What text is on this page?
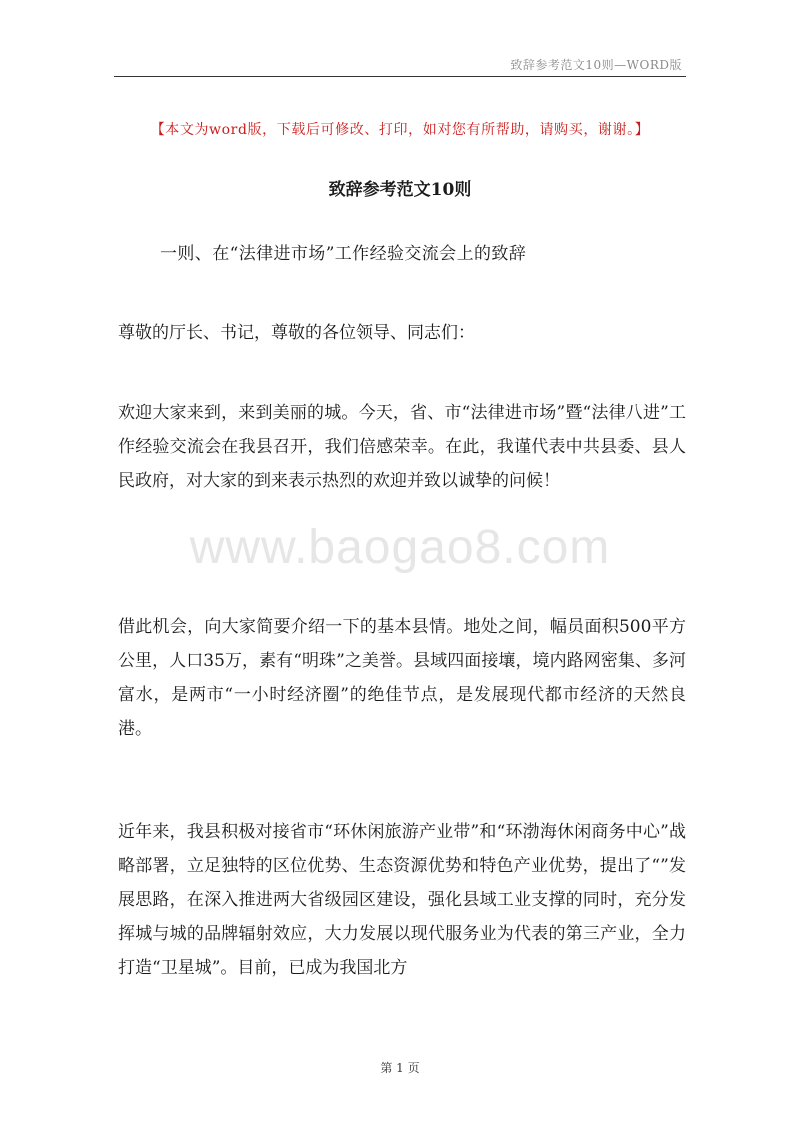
致辞参考范文10则—WORD版
【本文为word版，下载后可修改、打印，如对您有所帮助，请购买，谢谢。】
致辞参考范文10则
一则、在“法律进市场”工作经验交流会上的致辞

尊敬的厅长、书记，尊敬的各位领导、同志们：

欢迎大家来到，来到美丽的城。今天，省、市“法律进市场”暨“法律八进”工作经验交流会在我县召开，我们倍感荣幸。在此，我谨代表中共县委、县人民政府，对大家的到来表示热烈的欢迎并致以诚挚的问候！

借此机会，向大家简要介绍一下的基本县情。地处之间，幅员面积500平方公里，人口35万，素有“明珠”之美誉。县域四面接壤，境内路网密集、多河富水，是两市“一小时经济圈”的绝佳节点，是发展现代都市经济的天然良港。

近年来，我县积极对接省市“环休闲旅游产业带”和“环渤海休闲商务中心”战略部署，立足独特的区位优势、生态资源优势和特色产业优势，提出了“”发展思路，在深入推进两大省级园区建设，强化县域工业支撑的同时，充分发挥城与城的品牌辐射效应，大力发展以现代服务业为代表的第三产业，全力打造“卫星城”。目前，已成为我国北方

www.baogao8.com
第 1 页
